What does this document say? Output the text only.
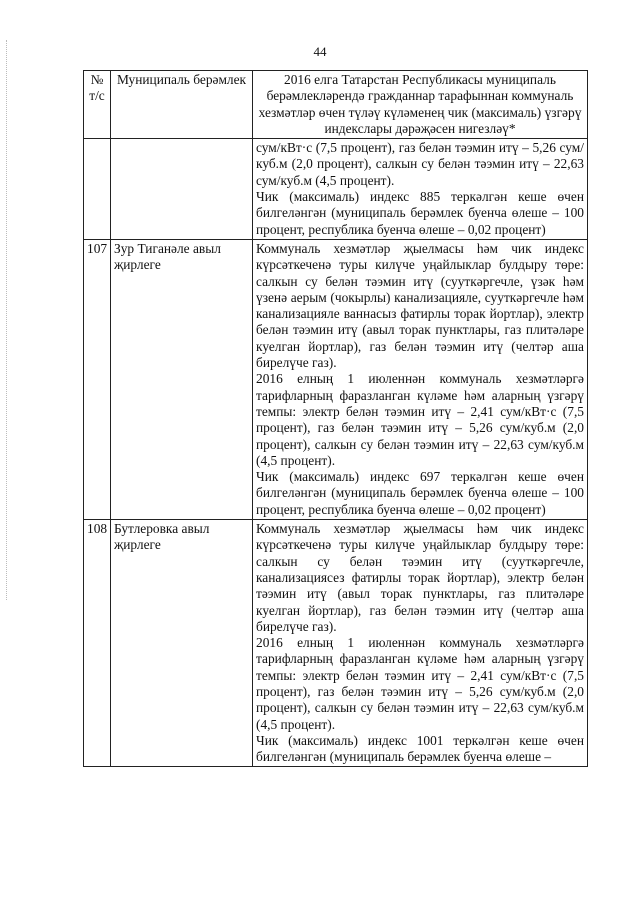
44
№ т/с	Муниципаль берәмлек	2016 елга Татарстан Республикасы муниципаль берәмлекләрендә гражданнар тарафыннан коммуналь хезмәтләр өчен түләү күләменең чик (максималь) үзгәрү индекслары дәрәҗәсен нигезләү*

		сум/кВт·с (7,5 процент), газ белән тәэмин итү – 5,26 сум/куб.м (2,0 процент), салкын су белән тәэмин итү – 22,63 сум/куб.м (4,5 процент).

Чик (максималь) индекс 885 теркәлгән кеше өчен билгеләнгән (муниципаль берәмлек буенча өлеше – 100 процент, республика буенча өлеше – 0,02 процент)

107	Зур Тиганәле авыл җирлеге	Коммуналь хезмәтләр җыелмасы һәм чик индекс күрсәткеченә туры килүче уңайлыклар булдыру төре: салкын су белән тәэмин итү (сууткәргечле, үзәк һәм үзенә аерым (чокырлы) канализацияле, сууткәргечле һәм канализацияле ваннасыз фатирлы торак йортлар), электр белән тәэмин итү (авыл торак пунктлары, газ плитәләре куелган йортлар), газ белән тәэмин итү (челтәр аша бирелүче газ).

2016 елның 1 июленнән коммуналь хезмәтләргә тарифларның фаразланган күләме һәм аларның үзгәрү темпы: электр белән тәэмин итү – 2,41 сум/кВт·с (7,5 процент), газ белән тәэмин итү – 5,26 сум/куб.м (2,0 процент), салкын су белән тәэмин итү – 22,63 сум/куб.м (4,5 процент).

Чик (максималь) индекс 697 теркәлгән кеше өчен билгеләнгән (муниципаль берәмлек буенча өлеше – 100 процент, республика буенча өлеше – 0,02 процент)

108	Бутлеровка авыл җирлеге	Коммуналь хезмәтләр җыелмасы һәм чик индекс күрсәткеченә туры килүче уңайлыклар булдыру төре: салкын су белән тәэмин итү (сууткәргечле, канализациясез фатирлы торак йортлар), электр белән тәэмин итү (авыл торак пунктлары, газ плитәләре куелган йортлар), газ белән тәэмин итү (челтәр аша бирелүче газ).

2016 елның 1 июленнән коммуналь хезмәтләргә тарифларның фаразланган күләме һәм аларның үзгәрү темпы: электр белән тәэмин итү – 2,41 сум/кВт·с (7,5 процент), газ белән тәэмин итү – 5,26 сум/куб.м (2,0 процент), салкын су белән тәэмин итү – 22,63 сум/куб.м (4,5 процент).

Чик (максималь) индекс 1001 теркәлгән кеше өчен билгеләнгән (муниципаль берәмлек буенча өлеше –
